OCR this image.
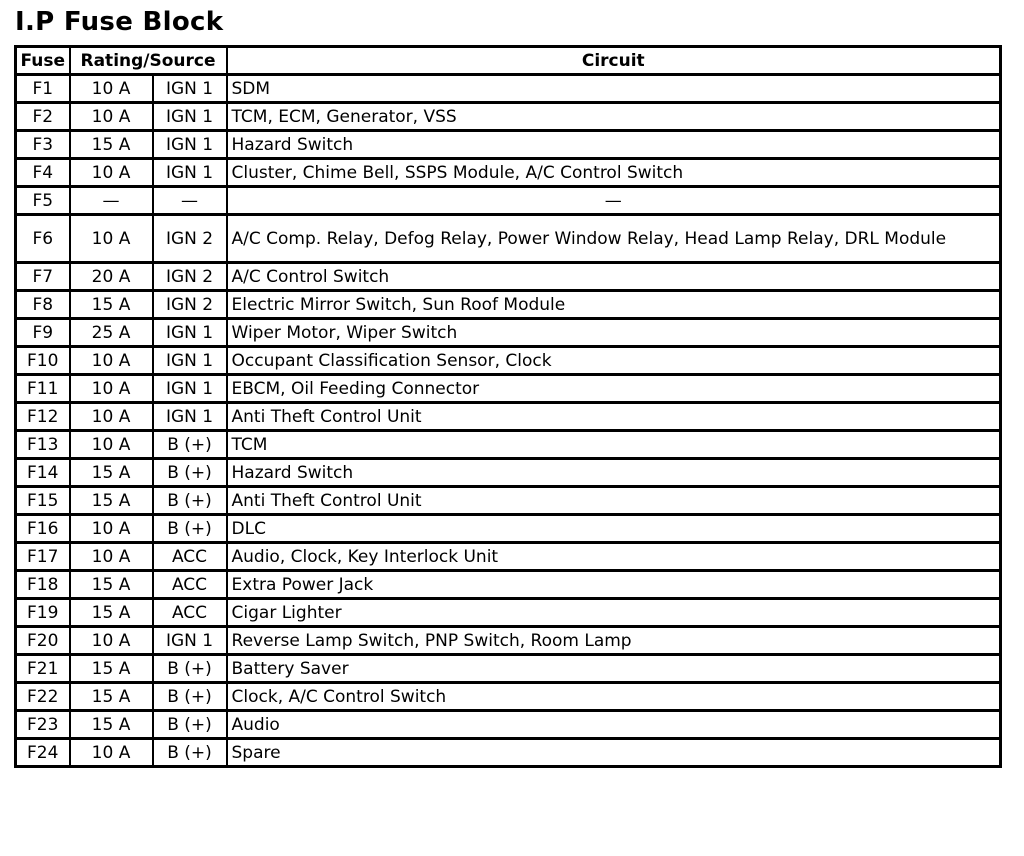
I.P Fuse Block
Fuse	Rating/Source		Circuit
F1	10 A	IGN 1	SDM
F2	10 A	IGN 1	TCM, ECM, Generator, VSS
F3	15 A	IGN 1	Hazard Switch
F4	10 A	IGN 1	Cluster, Chime Bell, SSPS Module, A/C Control Switch
F5	—	—	—
F6	10 A	IGN 2	A/C Comp. Relay, Defog Relay, Power Window Relay, Head Lamp Relay, DRL Module
F7	20 A	IGN 2	A/C Control Switch
F8	15 A	IGN 2	Electric Mirror Switch, Sun Roof Module
F9	25 A	IGN 1	Wiper Motor, Wiper Switch
F10	10 A	IGN 1	Occupant Classification Sensor, Clock
F11	10 A	IGN 1	EBCM, Oil Feeding Connector
F12	10 A	IGN 1	Anti Theft Control Unit
F13	10 A	B (+)	TCM
F14	15 A	B (+)	Hazard Switch
F15	15 A	B (+)	Anti Theft Control Unit
F16	10 A	B (+)	DLC
F17	10 A	ACC	Audio, Clock, Key Interlock Unit
F18	15 A	ACC	Extra Power Jack
F19	15 A	ACC	Cigar Lighter
F20	10 A	IGN 1	Reverse Lamp Switch, PNP Switch, Room Lamp
F21	15 A	B (+)	Battery Saver
F22	15 A	B (+)	Clock, A/C Control Switch
F23	15 A	B (+)	Audio
F24	10 A	B (+)	Spare
